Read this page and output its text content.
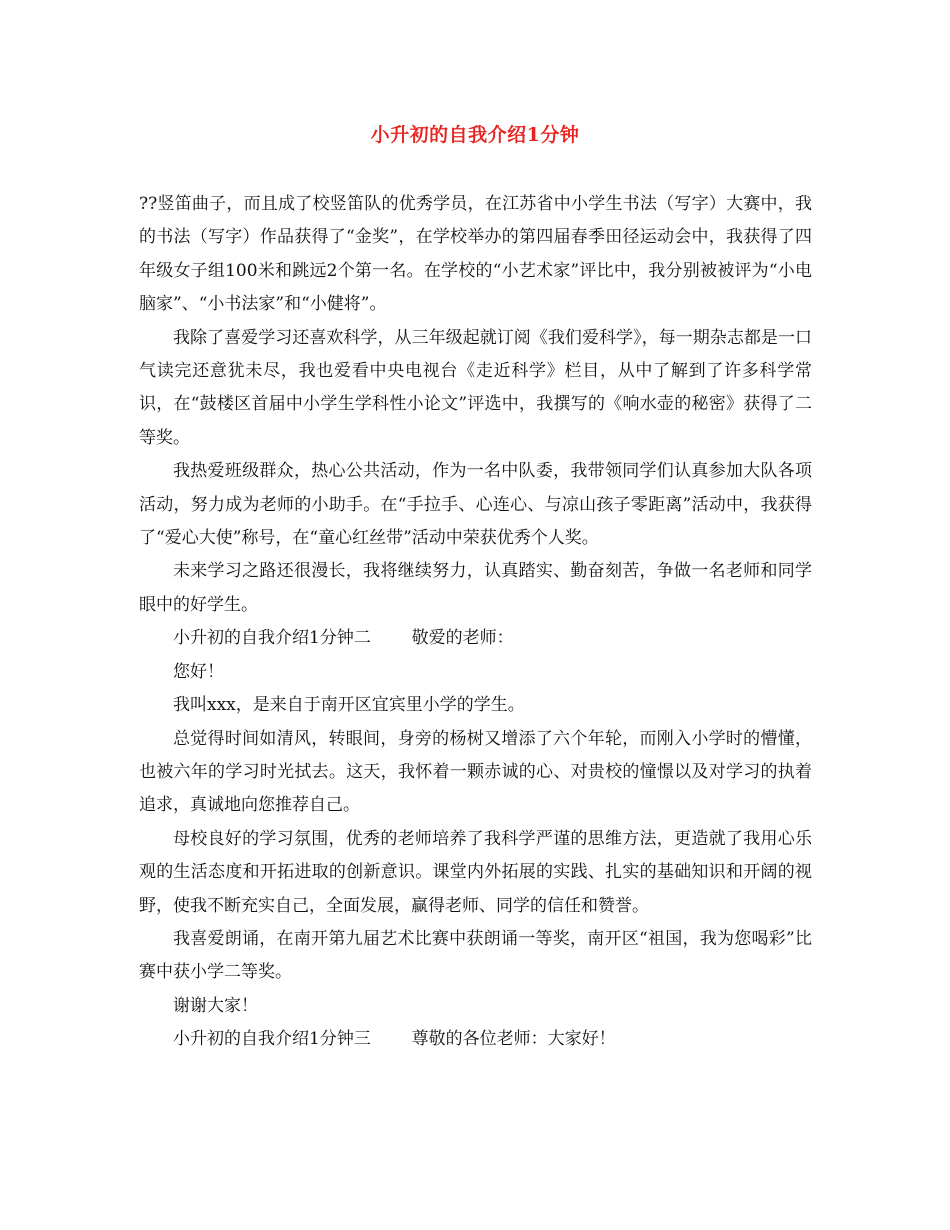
小升初的自我介绍1分钟

??竖笛曲子，而且成了校竖笛队的优秀学员，在江苏省中小学生书法（写字）大赛中，我的书法（写字）作品获得了“金奖”，在学校举办的第四届春季田径运动会中，我获得了四年级女子组100米和跳远2个第一名。在学校的“小艺术家”评比中，我分别被被评为“小电脑家”、“小书法家”和“小健将”。

我除了喜爱学习还喜欢科学，从三年级起就订阅《我们爱科学》，每一期杂志都是一口气读完还意犹未尽，我也爱看中央电视台《走近科学》栏目，从中了解到了许多科学常识，在“鼓楼区首届中小学生学科性小论文”评选中，我撰写的《响水壶的秘密》获得了二等奖。

我热爱班级群众，热心公共活动，作为一名中队委，我带领同学们认真参加大队各项活动，努力成为老师的小助手。在“手拉手、心连心、与凉山孩子零距离”活动中，我获得了“爱心大使”称号，在“童心红丝带”活动中荣获优秀个人奖。

未来学习之路还很漫长，我将继续努力，认真踏实、勤奋刻苦，争做一名老师和同学眼中的好学生。

小升初的自我介绍1分钟二 敬爱的老师：

您好！

我叫xxx，是来自于南开区宜宾里小学的学生。

总觉得时间如清风，转眼间，身旁的杨树又增添了六个年轮，而刚入小学时的懵懂，也被六年的学习时光拭去。这天，我怀着一颗赤诚的心、对贵校的憧憬以及对学习的执着追求，真诚地向您推荐自己。

母校良好的学习氛围，优秀的老师培养了我科学严谨的思维方法，更造就了我用心乐观的生活态度和开拓进取的创新意识。课堂内外拓展的实践、扎实的基础知识和开阔的视野，使我不断充实自己，全面发展，赢得老师、同学的信任和赞誉。

我喜爱朗诵，在南开第九届艺术比赛中获朗诵一等奖，南开区“祖国，我为您喝彩”比赛中获小学二等奖。

谢谢大家！

小升初的自我介绍1分钟三 尊敬的各位老师：大家好！
